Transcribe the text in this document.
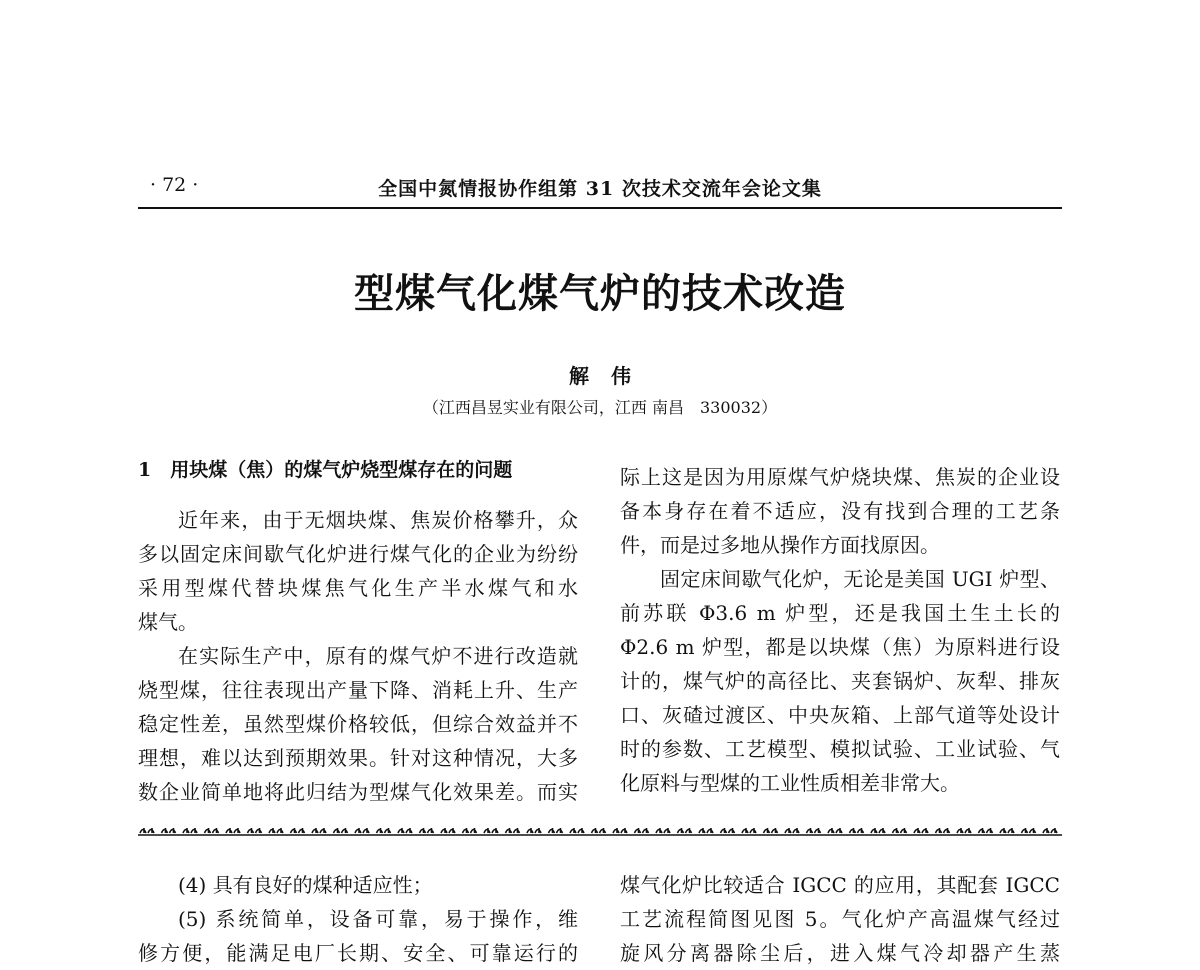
· 72 ·	全国中氮情报协作组第 31 次技术交流年会论文集
型煤气化煤气炉的技术改造
解伟
（江西昌昱实业有限公司，江西 南昌　330032）
1　用块煤（焦）的煤气炉烧型煤存在的问题
近年来，由于无烟块煤、焦炭价格攀升，众
多以固定床间歇气化炉进行煤气化的企业为纷纷
采用型煤代替块煤焦气化生产半水煤气和水
煤气。
在实际生产中，原有的煤气炉不进行改造就
烧型煤，往往表现出产量下降、消耗上升、生产
稳定性差，虽然型煤价格较低，但综合效益并不
理想，难以达到预期效果。针对这种情况，大多
数企业简单地将此归结为型煤气化效果差。而实
际上这是因为用原煤气炉烧块煤、焦炭的企业设
备本身存在着不适应，没有找到合理的工艺条
件，而是过多地从操作方面找原因。
固定床间歇气化炉，无论是美国 UGI 炉型、
前苏联 Φ3.6 m 炉型，还是我国土生土长的
Φ2.6 m 炉型，都是以块煤（焦）为原料进行设
计的，煤气炉的高径比、夹套锅炉、灰犁、排灰
口、灰碴过渡区、中央灰箱、上部气道等处设计
时的参数、工艺模型、模拟试验、工业试验、气
化原料与型煤的工业性质相差非常大。
(4) 具有良好的煤种适应性；
(5) 系统简单，设备可靠，易于操作，维
修方便，能满足电厂长期、安全、可靠运行的
煤气化炉比较适合 IGCC 的应用，其配套 IGCC
工艺流程简图见图 5。气化炉产高温煤气经过
旋风分离器除尘后，进入煤气冷却器产生蒸
